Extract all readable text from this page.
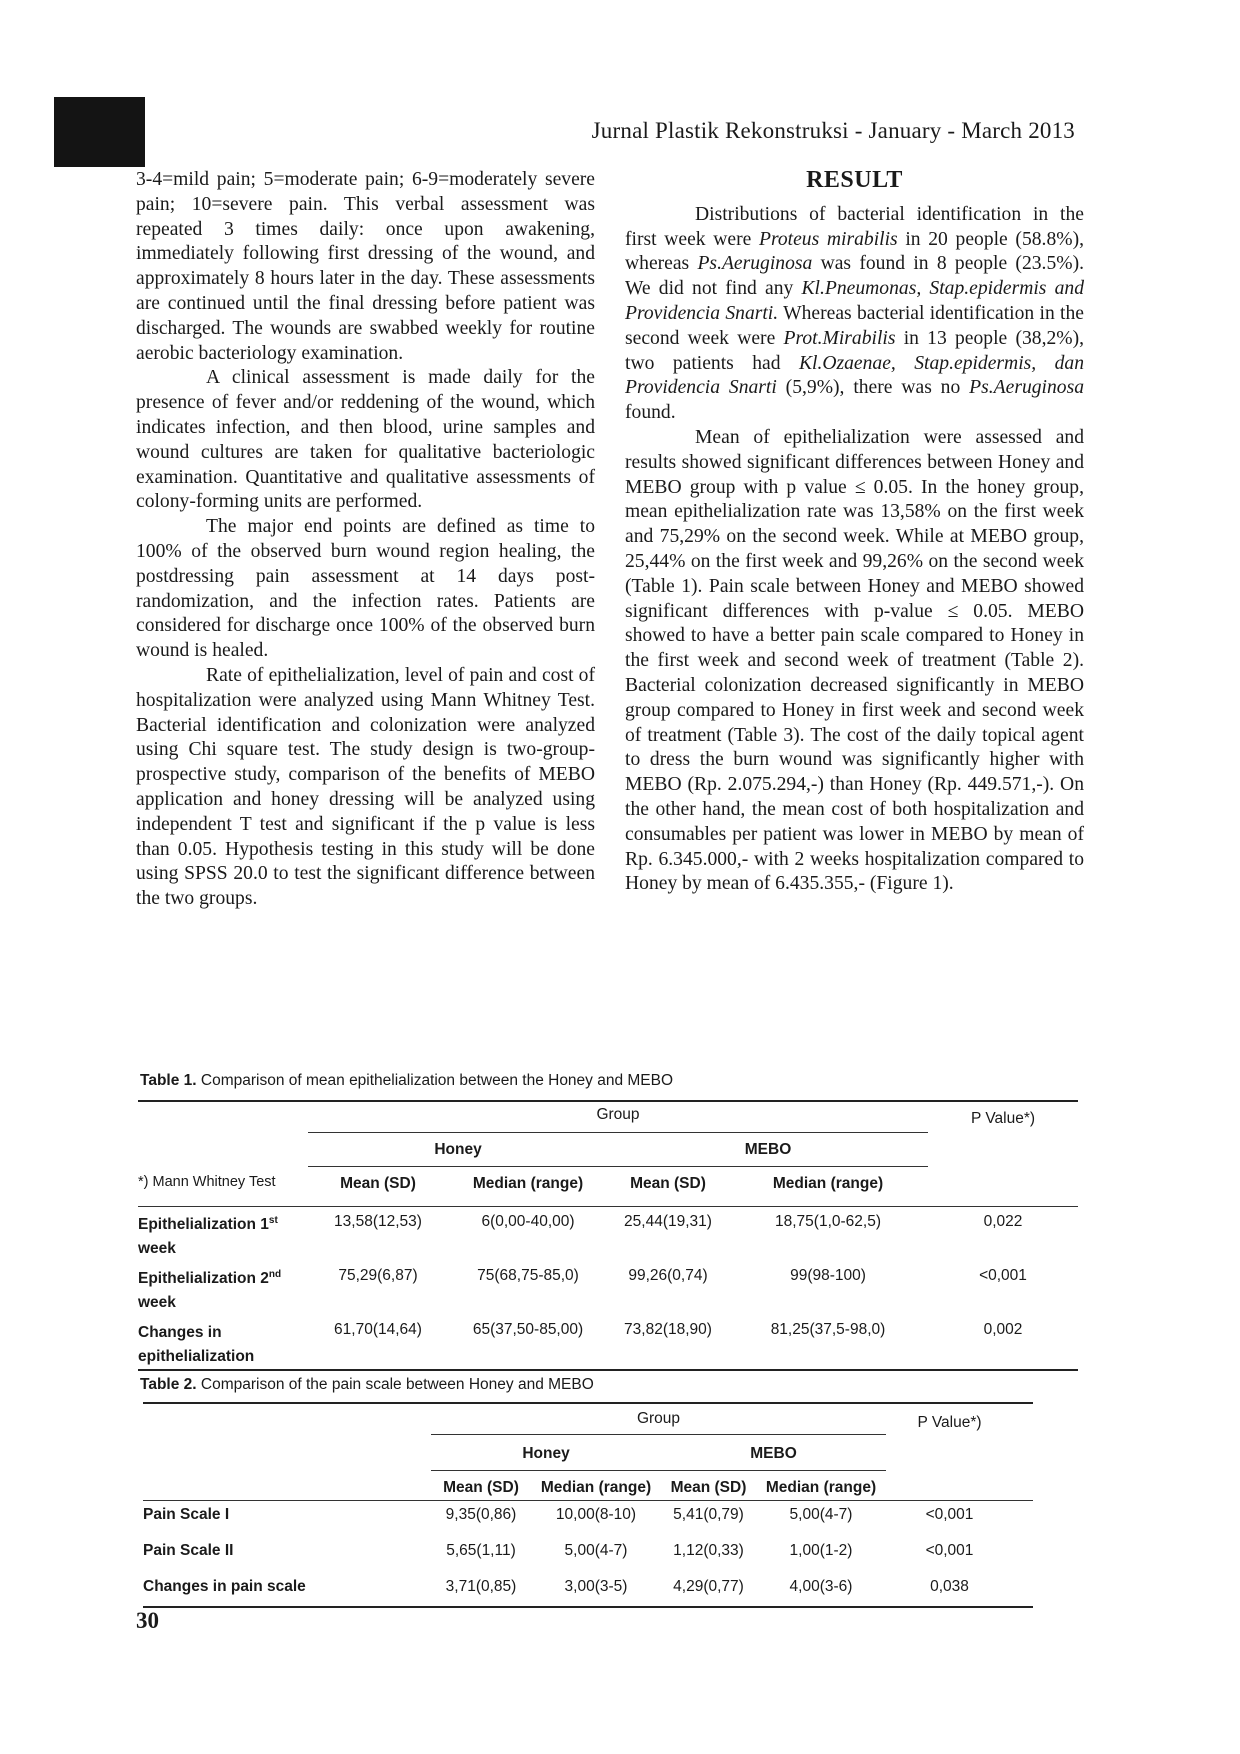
Jurnal Plastik Rekonstruksi - January - March 2013

3-4=mild pain; 5=moderate pain; 6-9=moderately severe pain; 10=severe pain. This verbal assessment was repeated 3 times daily: once upon awakening, immediately following first dressing of the wound, and approximately 8 hours later in the day. These assessments are continued until the final dressing before patient was discharged. The wounds are swabbed weekly for routine aerobic bacteriology examination.

A clinical assessment is made daily for the presence of fever and/or reddening of the wound, which indicates infection, and then blood, urine samples and wound cultures are taken for qualitative bacteriologic examination. Quantitative and qualitative assessments of colony-forming units are performed.

The major end points are defined as time to 100% of the observed burn wound region healing, the postdressing pain assessment at 14 days post-randomization, and the infection rates. Patients are considered for discharge once 100% of the observed burn wound is healed.

Rate of epithelialization, level of pain and cost of hospitalization were analyzed using Mann Whitney Test. Bacterial identification and colonization were analyzed using Chi square test. The study design is two-group-prospective study, comparison of the benefits of MEBO application and honey dressing will be analyzed using independent T test and significant if the p value is less than 0.05. Hypothesis testing in this study will be done using SPSS 20.0 to test the significant difference between the two groups.

RESULT

Distributions of bacterial identification in the first week were Proteus mirabilis in 20 people (58.8%), whereas Ps.Aeruginosa was found in 8 people (23.5%). We did not find any Kl.Pneumonas, Stap.epidermis and Providencia Snarti. Whereas bacterial identification in the second week were Prot.Mirabilis in 13 people (38,2%), two patients had Kl.Ozaenae, Stap.epidermis, dan Providencia Snarti (5,9%), there was no Ps.Aeruginosa found.

Mean of epithelialization were assessed and results showed significant differences between Honey and MEBO group with p value ≤ 0.05. In the honey group, mean epithelialization rate was 13,58% on the first week and 75,29% on the second week. While at MEBO group, 25,44% on the first week and 99,26% on the second week (Table 1). Pain scale between Honey and MEBO showed significant differences with p-value ≤ 0.05. MEBO showed to have a better pain scale compared to Honey in the first week and second week of treatment (Table 2). Bacterial colonization decreased significantly in MEBO group compared to Honey in first week and second week of treatment (Table 3). The cost of the daily topical agent to dress the burn wound was significantly higher with MEBO (Rp. 2.075.294,-) than Honey (Rp. 449.571,-). On the other hand, the mean cost of both hospitalization and consumables per patient was lower in MEBO by mean of Rp. 6.345.000,- with 2 weeks hospitalization compared to Honey by mean of 6.435.355,- (Figure 1).

Table 1. Comparison of mean epithelialization between the Honey and MEBO
	Group				P Value*)
	Honey		MEBO		
*) Mann Whitney Test	Mean (SD)	Median (range)	Mean (SD)	Median (range)	
Epithelialization 1st
week	13,58(12,53)	6(0,00-40,00)	25,44(19,31)	18,75(1,0-62,5)	0,022
Epithelialization 2nd
week	75,29(6,87)	75(68,75-85,0)	99,26(0,74)	99(98-100)	<0,001
Changes in
epithelialization	61,70(14,64)	65(37,50-85,00)	73,82(18,90)	81,25(37,5-98,0)	0,002
Table 2. Comparison of the pain scale between Honey and MEBO
	Group				P Value*)
	Honey		MEBO		
	Mean (SD)	Median (range)	Mean (SD)	Median (range)	
Pain Scale I	9,35(0,86)	10,00(8-10)	5,41(0,79)	5,00(4-7)	<0,001
Pain Scale II	5,65(1,11)	5,00(4-7)	1,12(0,33)	1,00(1-2)	<0,001
Changes in pain scale	3,71(0,85)	3,00(3-5)	4,29(0,77)	4,00(3-6)	0,038
30
